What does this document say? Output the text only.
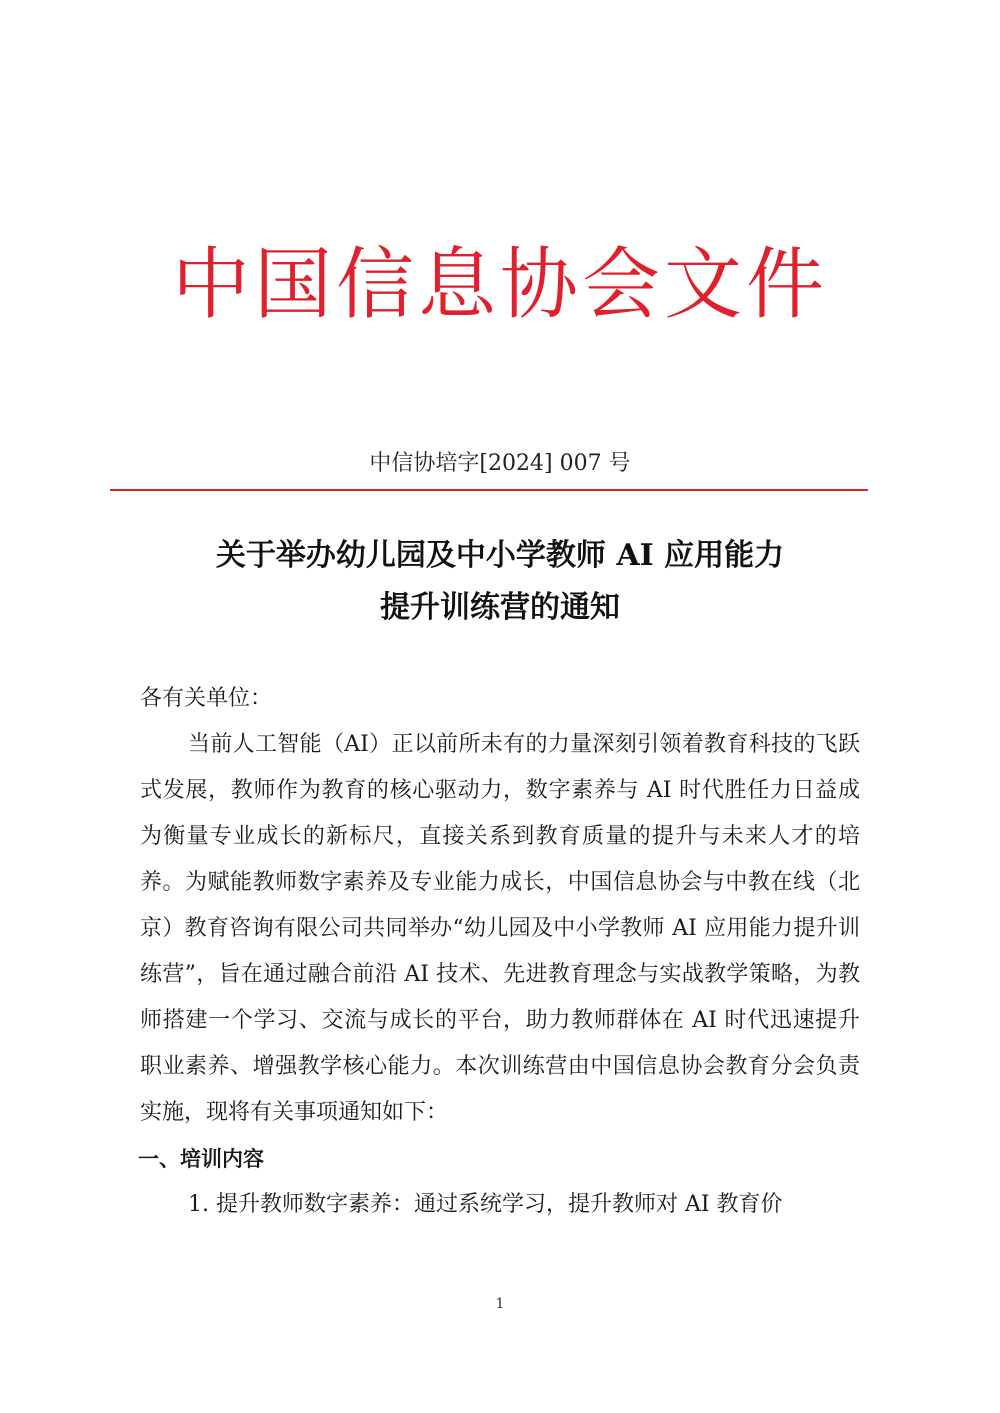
中国信息协会文件
中信协培字[2024] 007 号
关于举办幼儿园及中小学教师 AI 应用能力
提升训练营的通知

各有关单位：

当前人工智能（AI）正以前所未有的力量深刻引领着教育科技的飞跃式发展，教师作为教育的核心驱动力，数字素养与 AI 时代胜任力日益成为衡量专业成长的新标尺，直接关系到教育质量的提升与未来人才的培养。为赋能教师数字素养及专业能力成长，中国信息协会与中教在线（北京）教育咨询有限公司共同举办“幼儿园及中小学教师 AI 应用能力提升训练营”，旨在通过融合前沿 AI 技术、先进教育理念与实战教学策略，为教师搭建一个学习、交流与成长的平台，助力教师群体在 AI 时代迅速提升职业素养、增强教学核心能力。本次训练营由中国信息协会教育分会负责实施，现将有关事项通知如下：

一、培训内容

1. 提升教师数字素养：通过系统学习，提升教师对 AI 教育价

1
